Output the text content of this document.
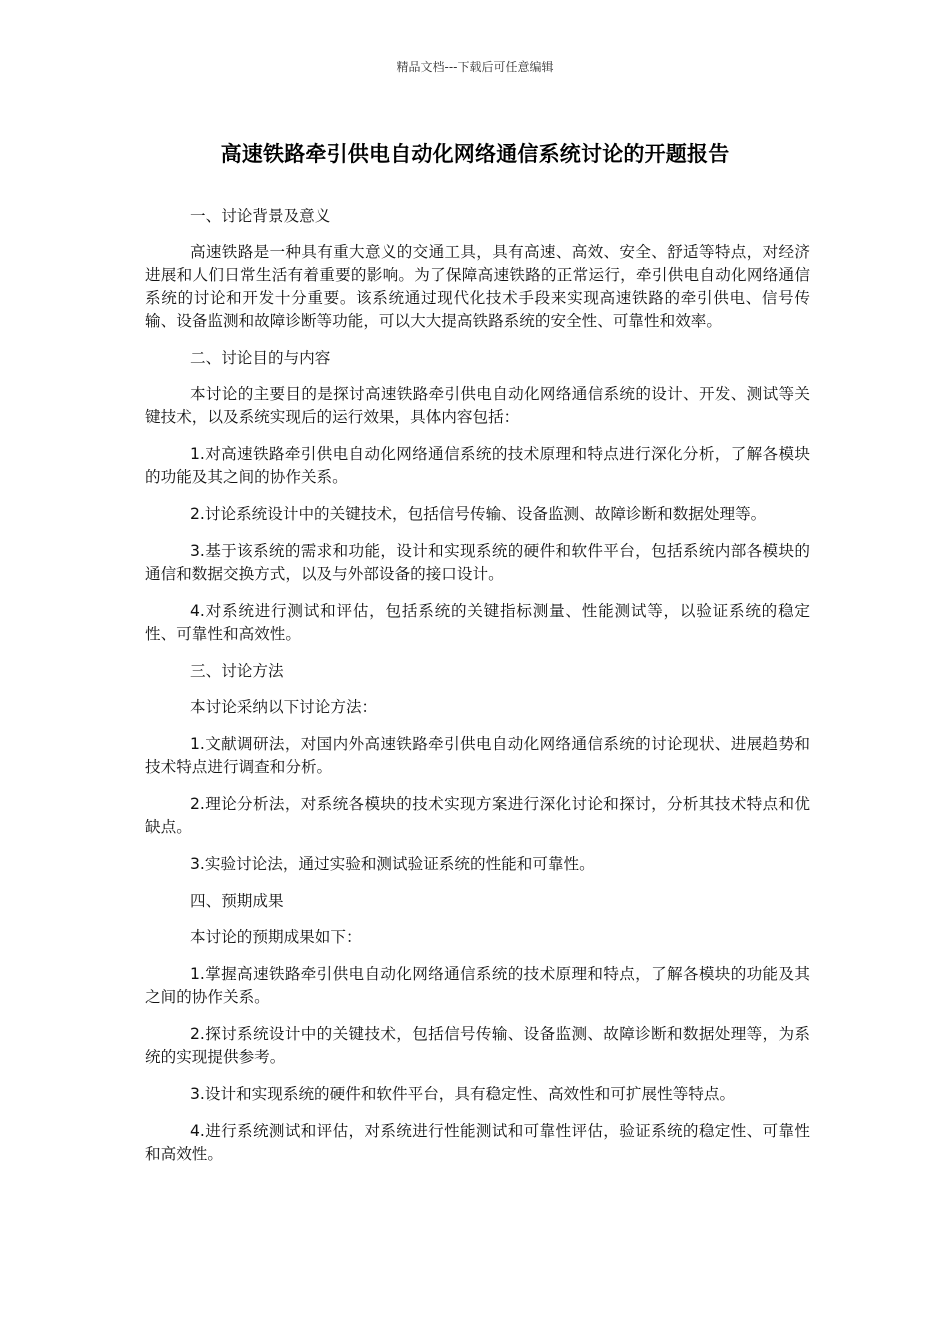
精品文档---下载后可任意编辑
高速铁路牵引供电自动化网络通信系统讨论的开题报告

一、讨论背景及意义

高速铁路是一种具有重大意义的交通工具，具有高速、高效、安全、舒适等特点，对经济进展和人们日常生活有着重要的影响。为了保障高速铁路的正常运行，牵引供电自动化网络通信系统的讨论和开发十分重要。该系统通过现代化技术手段来实现高速铁路的牵引供电、信号传输、设备监测和故障诊断等功能，可以大大提高铁路系统的安全性、可靠性和效率。

二、讨论目的与内容

本讨论的主要目的是探讨高速铁路牵引供电自动化网络通信系统的设计、开发、测试等关键技术，以及系统实现后的运行效果，具体内容包括：

1.对高速铁路牵引供电自动化网络通信系统的技术原理和特点进行深化分析，了解各模块的功能及其之间的协作关系。

2.讨论系统设计中的关键技术，包括信号传输、设备监测、故障诊断和数据处理等。

3.基于该系统的需求和功能，设计和实现系统的硬件和软件平台，包括系统内部各模块的通信和数据交换方式，以及与外部设备的接口设计。

4.对系统进行测试和评估，包括系统的关键指标测量、性能测试等，以验证系统的稳定性、可靠性和高效性。

三、讨论方法

本讨论采纳以下讨论方法：

1.文献调研法，对国内外高速铁路牵引供电自动化网络通信系统的讨论现状、进展趋势和技术特点进行调查和分析。

2.理论分析法，对系统各模块的技术实现方案进行深化讨论和探讨，分析其技术特点和优缺点。

3.实验讨论法，通过实验和测试验证系统的性能和可靠性。

四、预期成果

本讨论的预期成果如下：

1.掌握高速铁路牵引供电自动化网络通信系统的技术原理和特点，了解各模块的功能及其之间的协作关系。

2.探讨系统设计中的关键技术，包括信号传输、设备监测、故障诊断和数据处理等，为系统的实现提供参考。

3.设计和实现系统的硬件和软件平台，具有稳定性、高效性和可扩展性等特点。

4.进行系统测试和评估，对系统进行性能测试和可靠性评估，验证系统的稳定性、可靠性和高效性。
